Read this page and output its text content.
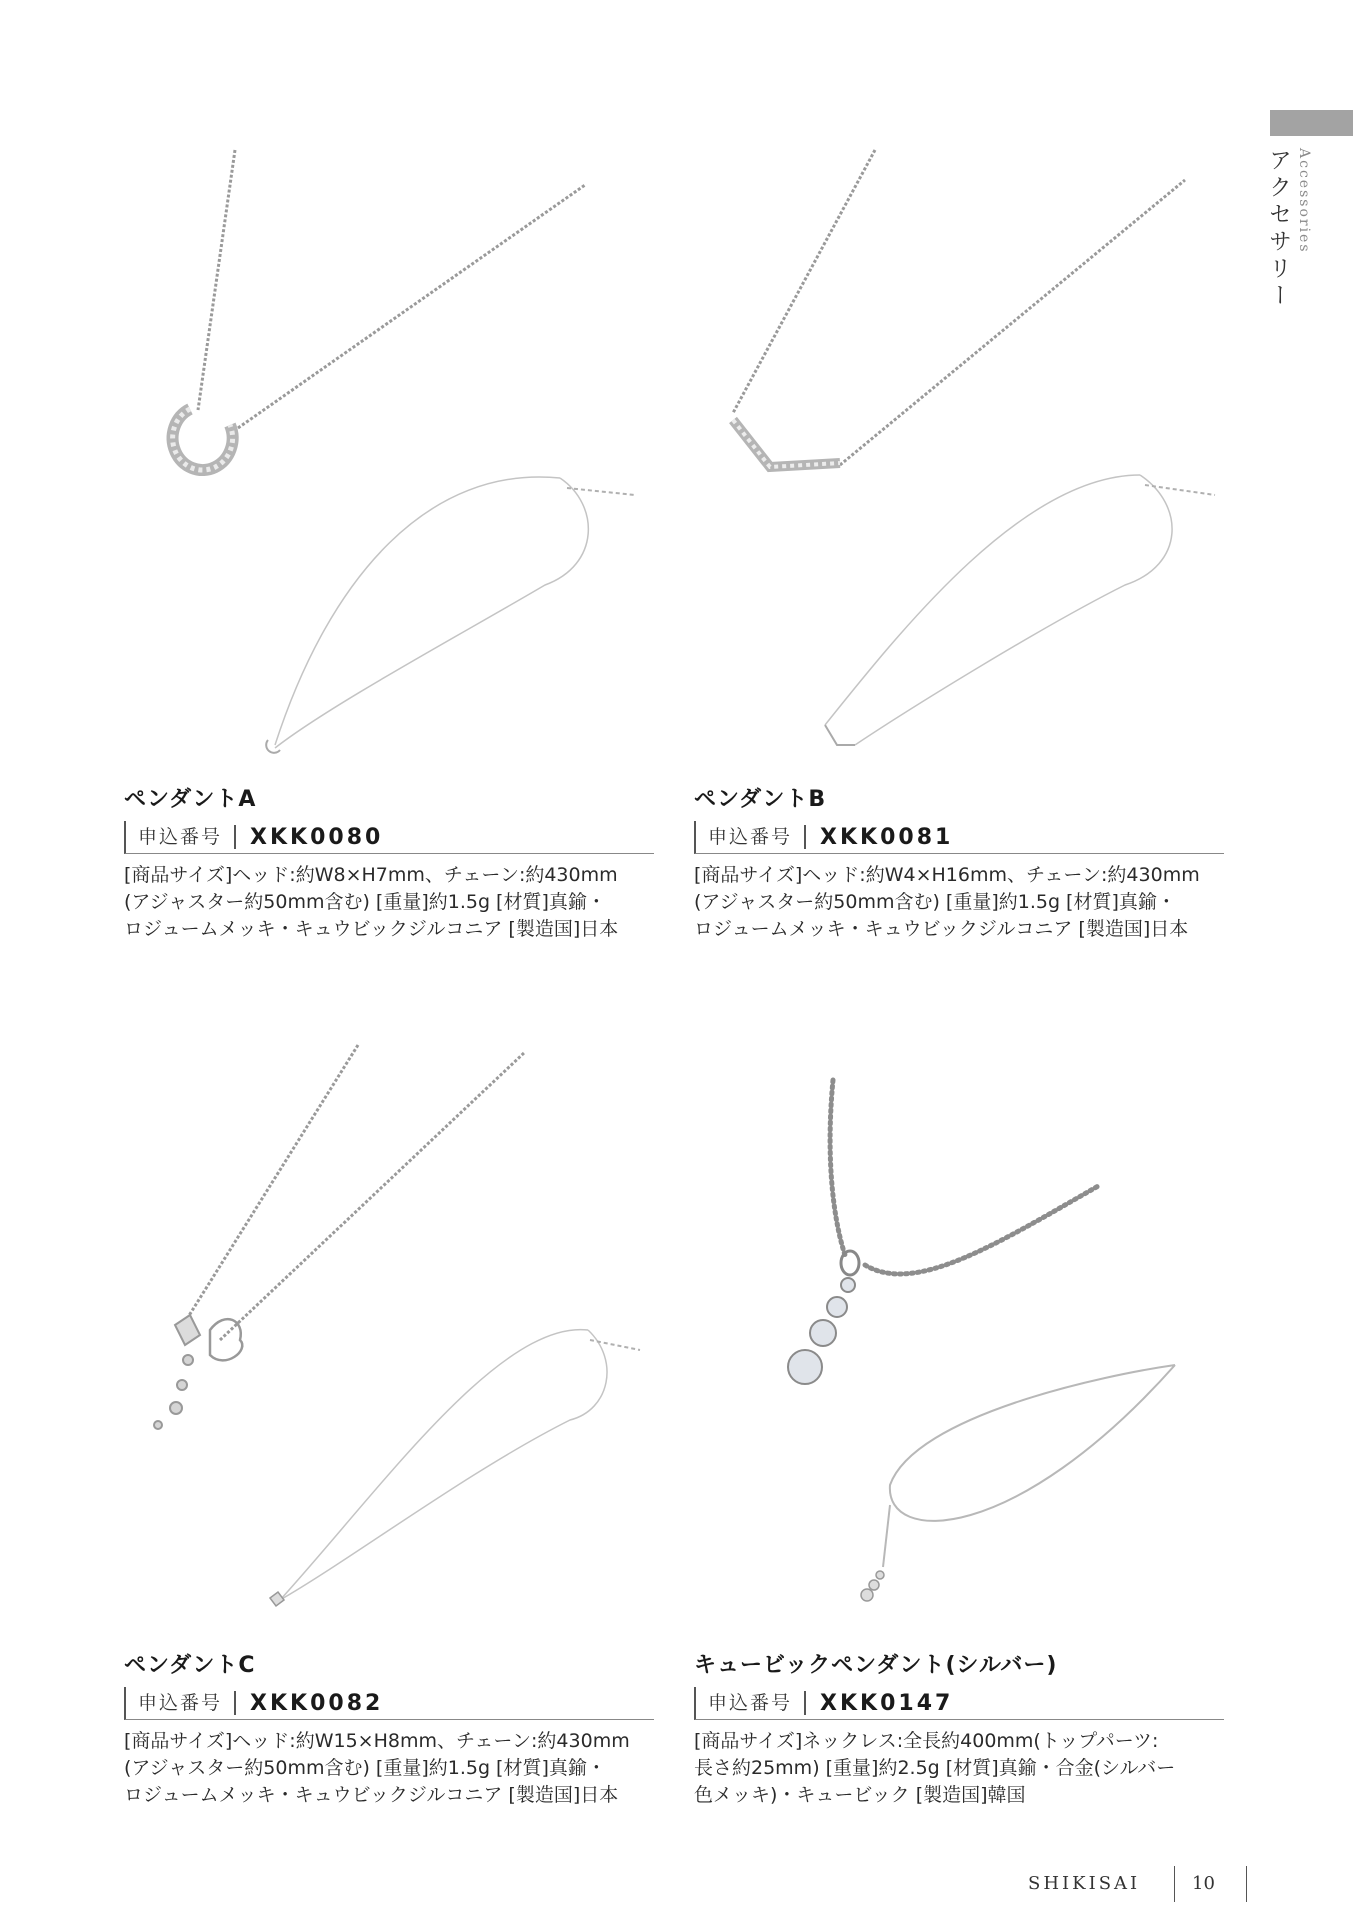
アクセサリー Accessories
ペンダントA
申込番号	XKK0080
[商品サイズ]ヘッド:約W8×H7mm、チェーン:約430mm
(アジャスター約50mm含む) [重量]約1.5g [材質]真鍮・
ロジュームメッキ・キュウビックジルコニア [製造国]日本
ペンダントB
申込番号	XKK0081
[商品サイズ]ヘッド:約W4×H16mm、チェーン:約430mm
(アジャスター約50mm含む) [重量]約1.5g [材質]真鍮・
ロジュームメッキ・キュウビックジルコニア [製造国]日本
ペンダントC
申込番号	XKK0082
[商品サイズ]ヘッド:約W15×H8mm、チェーン:約430mm
(アジャスター約50mm含む) [重量]約1.5g [材質]真鍮・
ロジュームメッキ・キュウビックジルコニア [製造国]日本
キュービックペンダント(シルバー)
申込番号	XKK0147
[商品サイズ]ネックレス:全長約400mm(トップパーツ:
長さ約25mm) [重量]約2.5g [材質]真鍮・合金(シルバー
色メッキ)・キュービック [製造国]韓国
SHIKISAI	10
